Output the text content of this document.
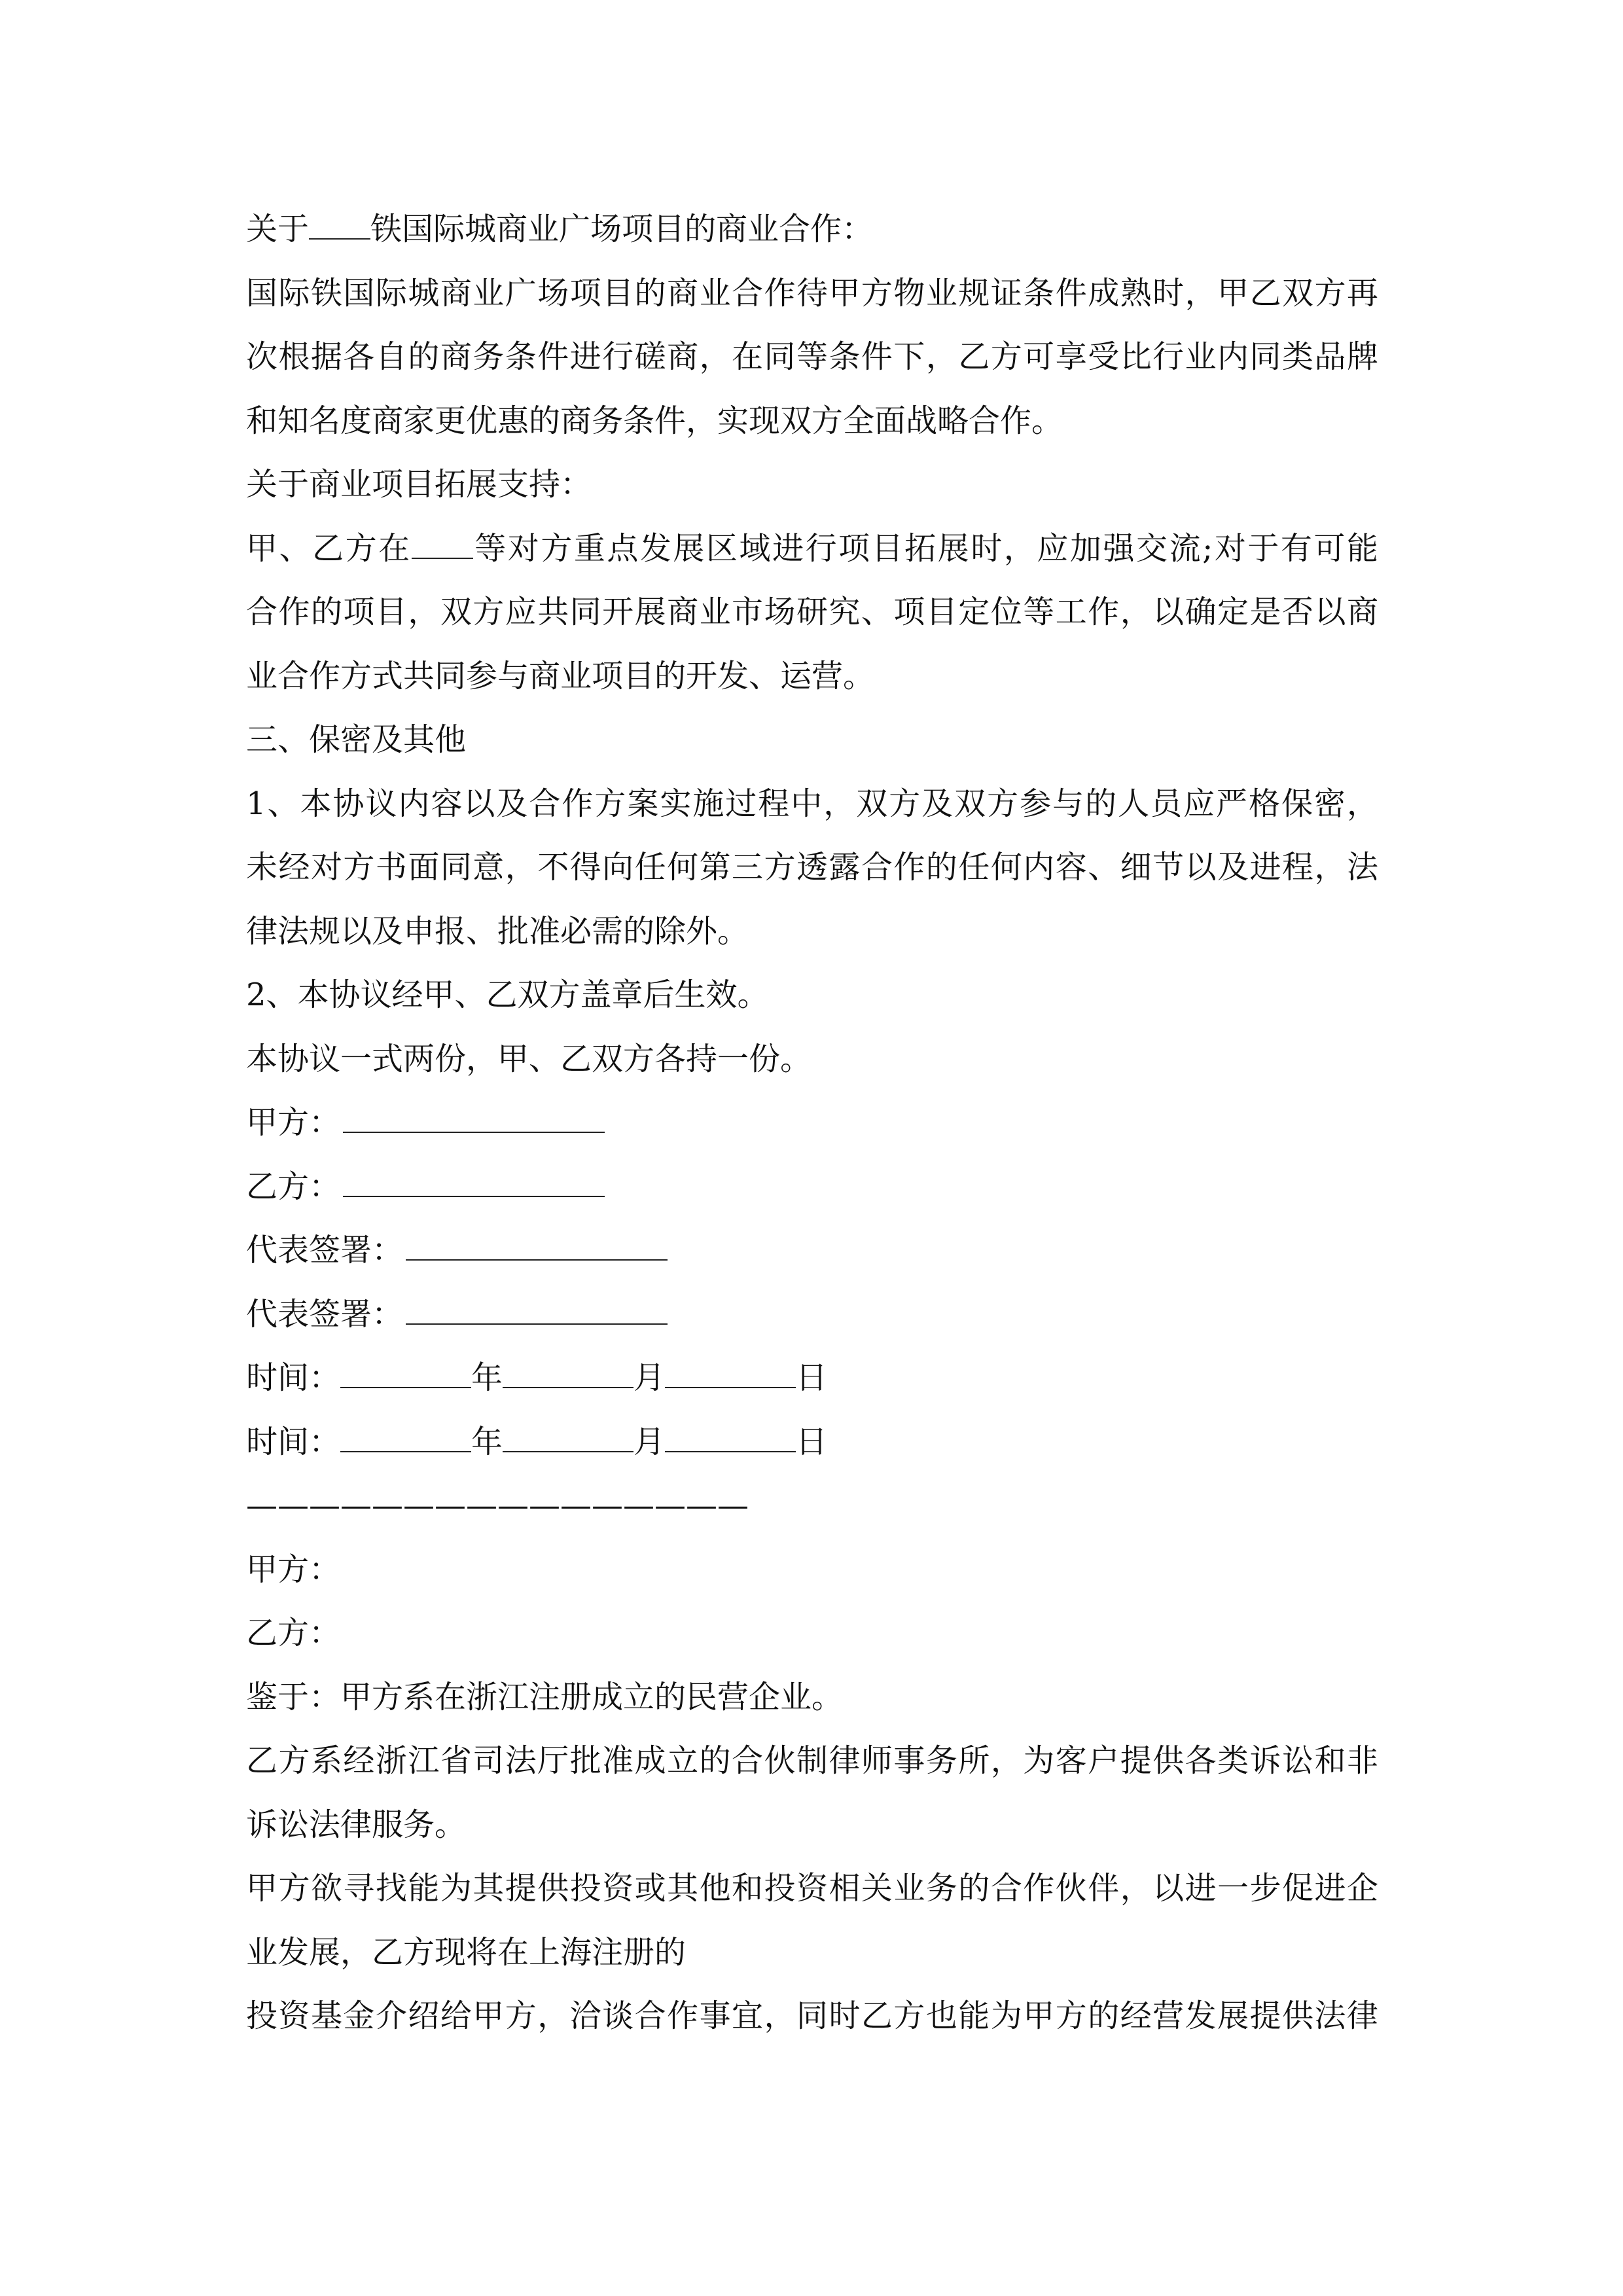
关于 铁国际城商业广场项目的商业合作：
国际铁国际城商业广场项目的商业合作待甲方物业规证条件成熟时，甲乙双方再
次根据各自的商务条件进行磋商，在同等条件下，乙方可享受比行业内同类品牌
和知名度商家更优惠的商务条件，实现双方全面战略合作。
关于商业项目拓展支持：
甲、乙方在 等对方重点发展区域进行项目拓展时，应加强交流;对于有可能
合作的项目，双方应共同开展商业市场研究、项目定位等工作，以确定是否以商
业合作方式共同参与商业项目的开发、运营。
三、保密及其他
1、本协议内容以及合作方案实施过程中，双方及双方参与的人员应严格保密，
未经对方书面同意，不得向任何第三方透露合作的任何内容、细节以及进程，法
律法规以及申报、批准必需的除外。
2、本协议经甲、乙双方盖章后生效。
本协议一式两份，甲、乙双方各持一份。
甲方：
乙方：
代表签署：
代表签署：
时间：	年	月	日
时间：	年	月	日
————————————————
甲方：
乙方：
鉴于：甲方系在浙江注册成立的民营企业。
乙方系经浙江省司法厅批准成立的合伙制律师事务所，为客户提供各类诉讼和非
诉讼法律服务。
甲方欲寻找能为其提供投资或其他和投资相关业务的合作伙伴，以进一步促进企
业发展，乙方现将在上海注册的
投资基金介绍给甲方，洽谈合作事宜，同时乙方也能为甲方的经营发展提供法律
